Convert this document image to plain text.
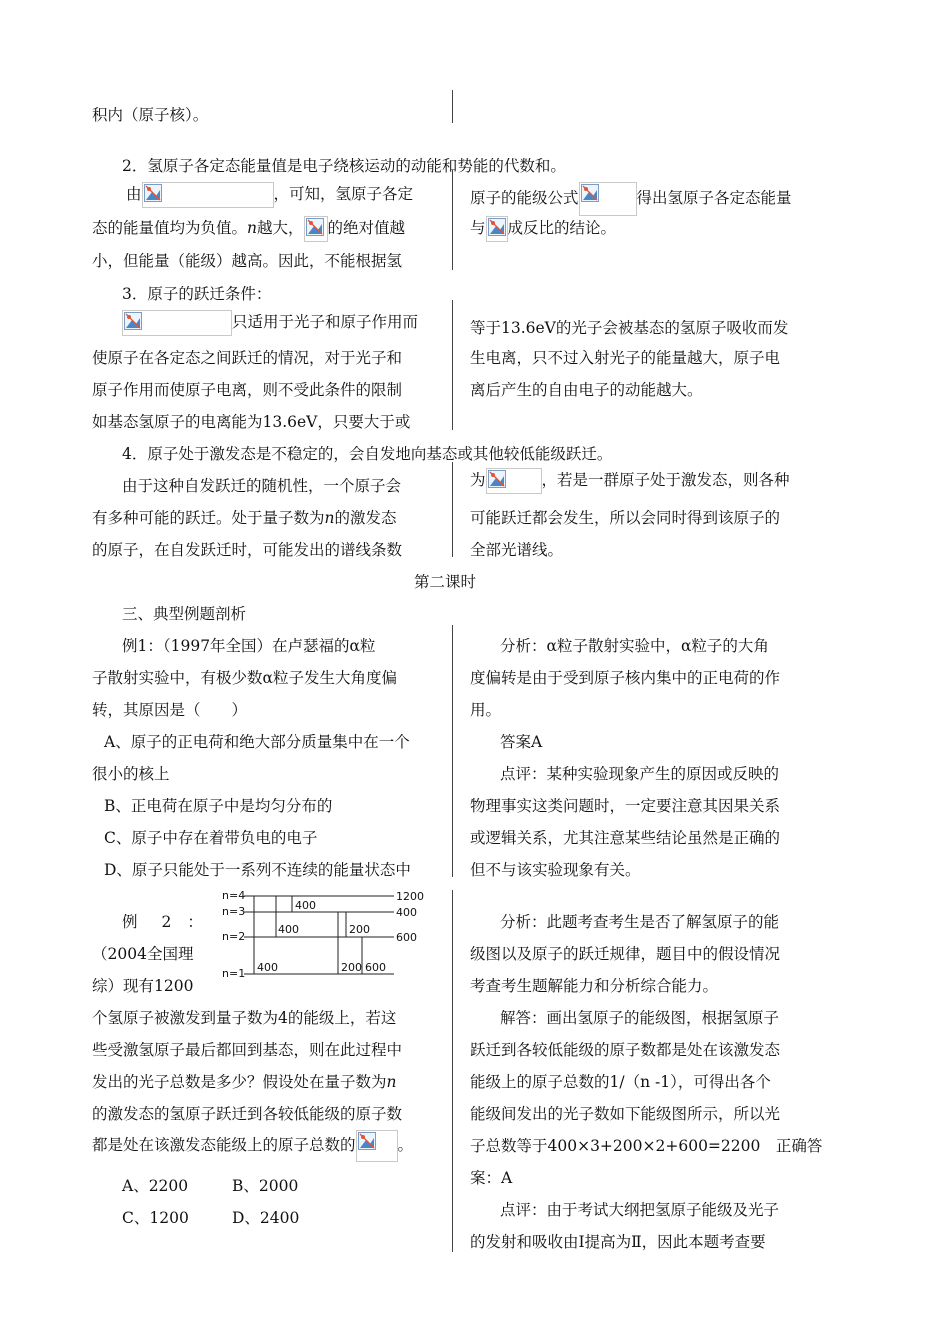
积内（原子核）。
2．氢原子各定态能量值是电子绕核运动的动能和势能的代数和。
由	，可知，氢原子各定
态的能量值均为负值。n越大， 的绝对值越
小，但能量（能级）越高。因此，不能根据氢
原子的能级公式	得出氢原子各定态能量
与 成反比的结论。
3．原子的跃迁条件：
只适用于光子和原子作用而
使原子在各定态之间跃迁的情况，对于光子和
原子作用而使原子电离，则不受此条件的限制
如基态氢原子的电离能为13.6eV，只要大于或
等于13.6eV的光子会被基态的氢原子吸收而发
生电离，只不过入射光子的能量越大，原子电
离后产生的自由电子的动能越大。
4．原子处于激发态是不稳定的，会自发地向基态或其他较低能级跃迁。
由于这种自发跃迁的随机性，一个原子会
有多种可能的跃迁。处于量子数为n的激发态
的原子，在自发跃迁时，可能发出的谱线条数
为	，若是一群原子处于激发态，则各种
可能跃迁都会发生，所以会同时得到该原子的
全部光谱线。
第二课时
三、典型例题剖析
例1：（1997年全国）在卢瑟福的α粒
子散射实验中，有极少数α粒子发生大角度偏
转，其原因是（　　）
A、原子的正电荷和绝大部分质量集中在一个
很小的核上
B、正电荷在原子中是均匀分布的
C、原子中存在着带负电的电子
D、原子只能处于一系列不连续的能量状态中
分析：α粒子散射实验中，α粒子的大角
度偏转是由于受到原子核内集中的正电荷的作
用。
答案A
点评：某种实验现象产生的原因或反映的
物理事实这类问题时，一定要注意其因果关系
或逻辑关系，尤其注意某些结论虽然是正确的
但不与该实验现象有关。
例 2 ：
（2004全国理
综）现有1200
个氢原子被激发到量子数为4的能级上，若这
些受激氢原子最后都回到基态，则在此过程中
发出的光子总数是多少？假设处在量子数为n
的激发态的氢原子跃迁到各较低能级的原子数
都是处在该激发态能级上的原子总数的	。
A、2200	B、2000
C、1200	D、2400
n=4
n=3
n=2
n=1
1200
400
600
400
400	200
400	200 600
分析：此题考查考生是否了解氢原子的能
级图以及原子的跃迁规律，题目中的假设情况
考查考生题解能力和分析综合能力。
解答：画出氢原子的能级图，根据氢原子
跃迁到各较低能级的原子数都是处在该激发态
能级上的原子总数的1/（n -1），可得出各个
能级间发出的光子数如下能级图所示，所以光
子总数等于400×3+200×2+600=2200　正确答
案：A
点评：由于考试大纲把氢原子能级及光子
的发射和吸收由Ⅰ提高为Ⅱ，因此本题考查要
